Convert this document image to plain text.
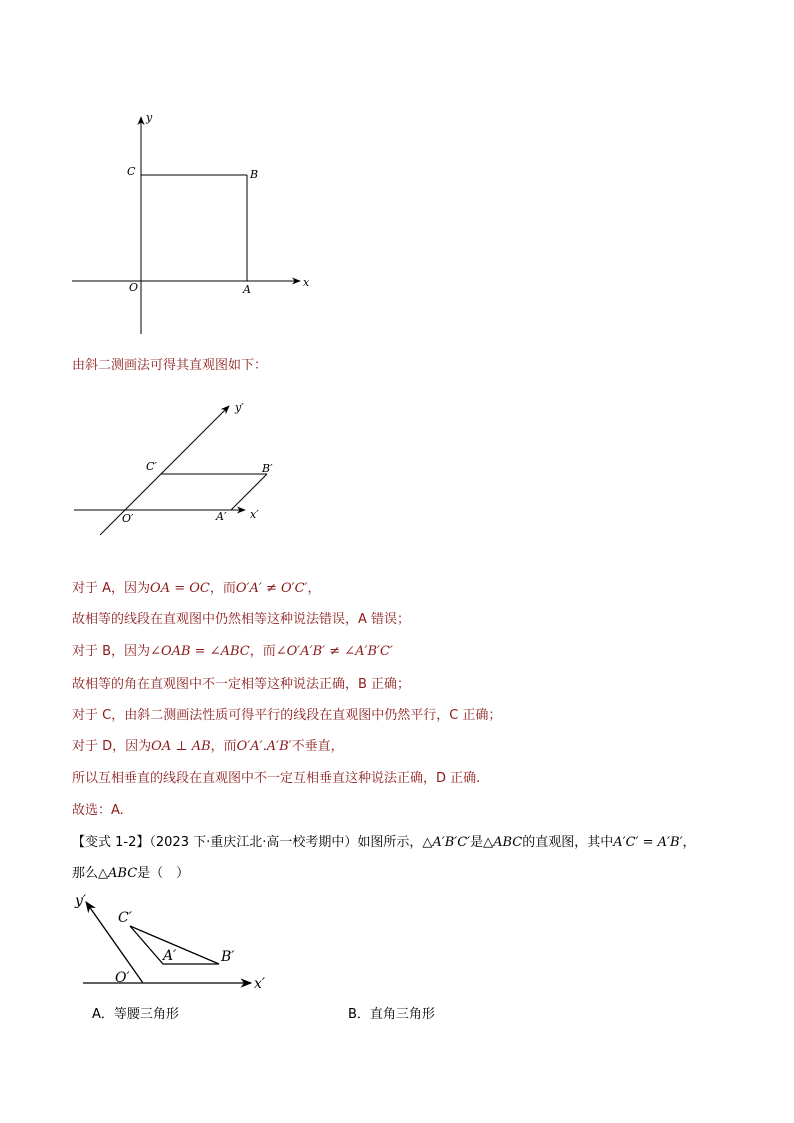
y
x
O	A
B
C
由斜二测画法可得其直观图如下：
y′
x′
O′	A′
B′
C′
对于 A，因为OA = OC，而O′A′ ≠ O′C′，
故相等的线段在直观图中仍然相等这种说法错误，A 错误；
对于 B，因为∠OAB = ∠ABC，而∠O′A′B′ ≠ ∠A′B′C′
故相等的角在直观图中不一定相等这种说法正确，B 正确；
对于 C，由斜二测画法性质可得平行的线段在直观图中仍然平行，C 正确；
对于 D，因为OA ⊥ AB，而O′A′.A′B′不垂直，
所以互相垂直的线段在直观图中不一定互相垂直这种说法正确，D 正确.
故选：A.
【变式 1-2】（2023 下·重庆江北·高一校考期中）如图所示，△A′B′C′是△ABC的直观图，其中A′C′ = A′B′，
那么△ABC是（　）
y′
x′
O′
A′	B′
C′
A．等腰三角形	B．直角三角形
